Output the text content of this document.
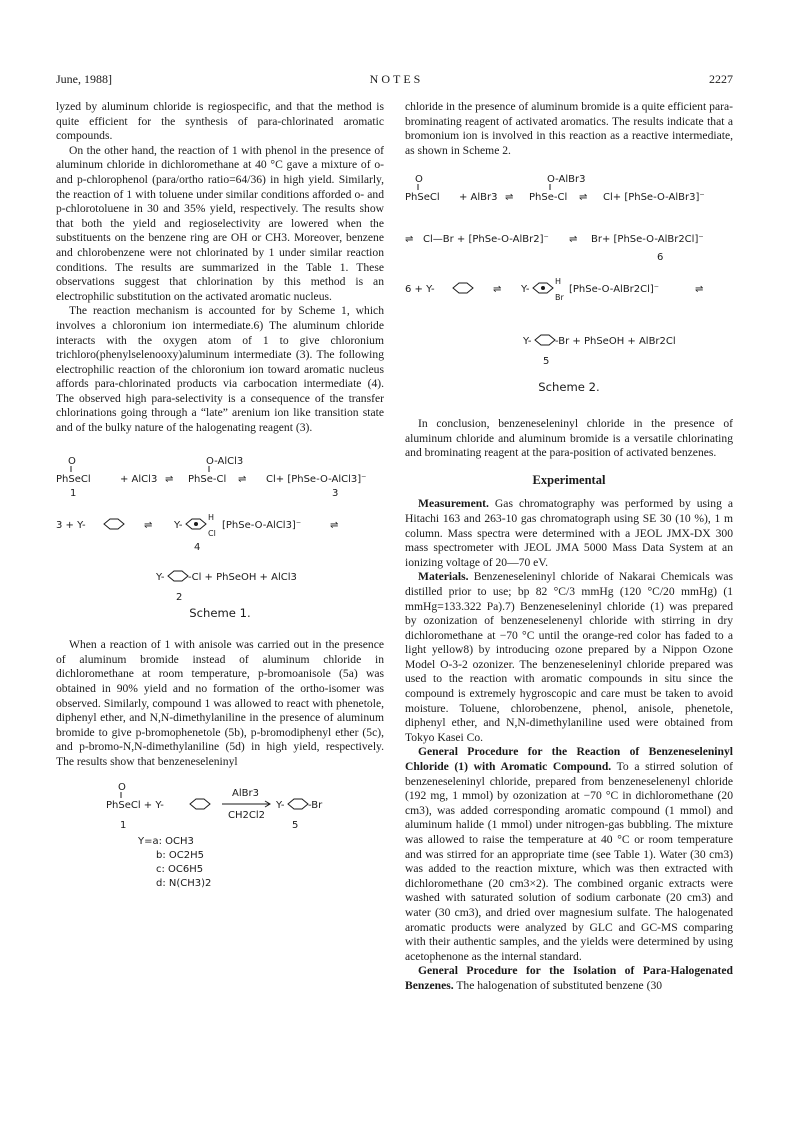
June, 1988]	NOTES	2227

lyzed by aluminum chloride is regiospecific, and that the method is quite efficient for the synthesis of para-chlorinated aromatic compounds.

On the other hand, the reaction of 1 with phenol in the presence of aluminum chloride in dichloromethane at 40 °C gave a mixture of o- and p-chlorophenol (para/ortho ratio=64/36) in high yield. Similarly, the reaction of 1 with toluene under similar conditions afforded o- and p-chlorotoluene in 30 and 35% yield, respectively. The results show that both the yield and regioselectivity are lowered when the substituents on the benzene ring are OH or CH3. Moreover, benzene and chlorobenzene were not chlorinated by 1 under similar reaction conditions. The results are summarized in the Table 1. These observations suggest that chlorination by this method is an electrophilic substitution on the activated aromatic nucleus.

The reaction mechanism is accounted for by Scheme 1, which involves a chloronium ion intermediate.6) The aluminum chloride interacts with the oxygen atom of 1 to give chloronium trichloro(phenylselenooxy)aluminum intermediate (3). The following electrophilic reaction of the chloronium ion toward aromatic nucleus affords para-chlorinated products via carbocation intermediate (4). The observed high para-selectivity is a consequence of the transfer chlorinations going through a “late” arenium ion like transition state and of the bulky nature of the halogenating reagent (3).

O
PhSeCl	+ AlCl3 ⇌
O-AlCl3
PhSe-Cl ⇌ Cl+ [PhSe-O-AlCl3]⁻
1	3
3 + Y-	⇌ Y-
H
Cl
[PhSe-O-AlCl3]⁻	⇌
4
Y- -Cl + PhSeOH + AlCl3
2
Scheme 1.

When a reaction of 1 with anisole was carried out in the presence of aluminum bromide instead of aluminum chloride in dichloromethane at room temperature, p-bromoanisole (5a) was obtained in 90% yield and no formation of the ortho-isomer was observed. Similarly, compound 1 was allowed to react with phenetole, diphenyl ether, and N,N-dimethylaniline in the presence of aluminum bromide to give p-bromophenetole (5b), p-bromodiphenyl ether (5c), and p-bromo-N,N-dimethylaniline (5d) in high yield, respectively. The results show that benzeneseleninyl

O
PhSeCl + Y-
AlBr3
CH2Cl2
Y- -Br
1	5
Y=a: OCH3
b: OC2H5
c: OC6H5
d: N(CH3)2

chloride in the presence of aluminum bromide is a quite efficient para-brominating reagent of activated aromatics. The results indicate that a bromonium ion is involved in this reaction as a reactive intermediate, as shown in Scheme 2.

O
PhSeCl + AlBr3 ⇌
O-AlBr3
PhSe-Cl ⇌ Cl+ [PhSe-O-AlBr3]⁻
⇌ Cl—Br + [PhSe-O-AlBr2]⁻ ⇌ Br+ [PhSe-O-AlBr2Cl]⁻
6
6 + Y-	⇌ Y-
H
Br
[PhSe-O-AlBr2Cl]⁻	⇌
Y- -Br + PhSeOH + AlBr2Cl
5
Scheme 2.

In conclusion, benzeneseleninyl chloride in the presence of aluminum chloride and aluminum bromide is a versatile chlorinating and brominating reagent at the para-position of activated benzenes.

Experimental

Measurement. Gas chromatography was performed by using a Hitachi 163 and 263-10 gas chromatograph using SE 30 (10 %), 1 m column. Mass spectra were determined with a JEOL JMX-DX 300 mass spectrometer with JEOL JMA 5000 Mass Data System at an ionizing voltage of 20—70 eV.

Materials. Benzeneseleninyl chloride of Nakarai Chemicals was distilled prior to use; bp 82 °C/3 mmHg (120 °C/20 mmHg) (1 mmHg=133.322 Pa).7) Benzeneseleninyl chloride (1) was prepared by ozonization of benzeneselenenyl chloride with stirring in dry dichloromethane at −70 °C until the orange-red color has faded to a light yellow8) by introducing ozone prepared by a Nippon Ozone Model O-3-2 ozonizer. The benzeneseleninyl chloride prepared was used to the reaction with aromatic compounds in situ since the compound is extremely hygroscopic and care must be taken to avoid moisture. Toluene, chlorobenzene, phenol, anisole, phenetole, diphenyl ether, and N,N-dimethylaniline used were obtained from Tokyo Kasei Co.

General Procedure for the Reaction of Benzeneseleninyl Chloride (1) with Aromatic Compound. To a stirred solution of benzeneseleninyl chloride, prepared from benzeneselenenyl chloride (192 mg, 1 mmol) by ozonization at −70 °C in dichloromethane (20 cm3), was added corresponding aromatic compound (1 mmol) and aluminum halide (1 mmol) under nitrogen-gas bubbling. The mixture was allowed to raise the temperature at 40 °C or room temperature and was stirred for an appropriate time (see Table 1). Water (30 cm3) was added to the reaction mixture, which was then extracted with dichloromethane (20 cm3×2). The combined organic extracts were washed with saturated solution of sodium carbonate (20 cm3) and water (30 cm3), and dried over magnesium sulfate. The halogenated aromatic products were analyzed by GLC and GC-MS comparing with their authentic samples, and the yields were determined by using acetophenone as the internal standard.

General Procedure for the Isolation of Para-Halogenated Benzenes. The halogenation of substituted benzene (30
